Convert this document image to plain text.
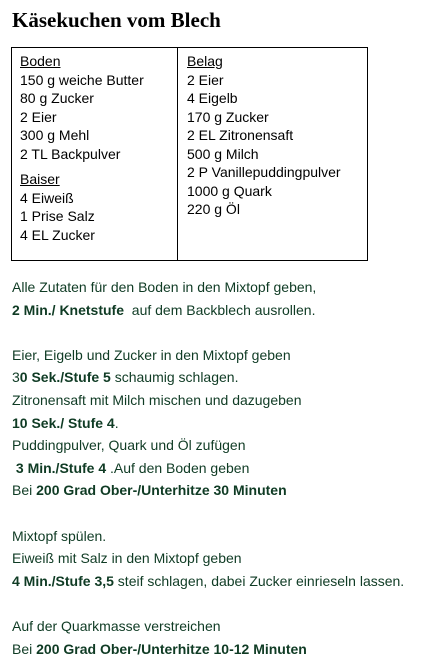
Käsekuchen vom Blech
Boden
150 g weiche Butter
80 g Zucker
2 Eier
300 g Mehl
2 TL Backpulver
Baiser
4 Eiweiß
1 Prise Salz
4 EL Zucker

Belag
2 Eier
4 Eigelb
170 g Zucker
2 EL Zitronensaft
500 g Milch
2 P Vanillepuddingpulver
1000 g Quark
220 g Öl
Alle Zutaten für den Boden in den Mixtopf geben,
2 Min./ Knetstufe  auf dem Backblech ausrollen.
Eier, Eigelb und Zucker in den Mixtopf geben
30 Sek./Stufe 5 schaumig schlagen.
Zitronensaft mit Milch mischen und dazugeben
10 Sek./ Stufe 4.
Puddingpulver, Quark und Öl zufügen
3 Min./Stufe 4 .Auf den Boden geben
Bei 200 Grad Ober-/Unterhitze 30 Minuten
Mixtopf spülen.
Eiweiß mit Salz in den Mixtopf geben
4 Min./Stufe 3,5 steif schlagen, dabei Zucker einrieseln lassen.
Auf der Quarkmasse verstreichen
Bei 200 Grad Ober-/Unterhitze 10-12 Minuten
